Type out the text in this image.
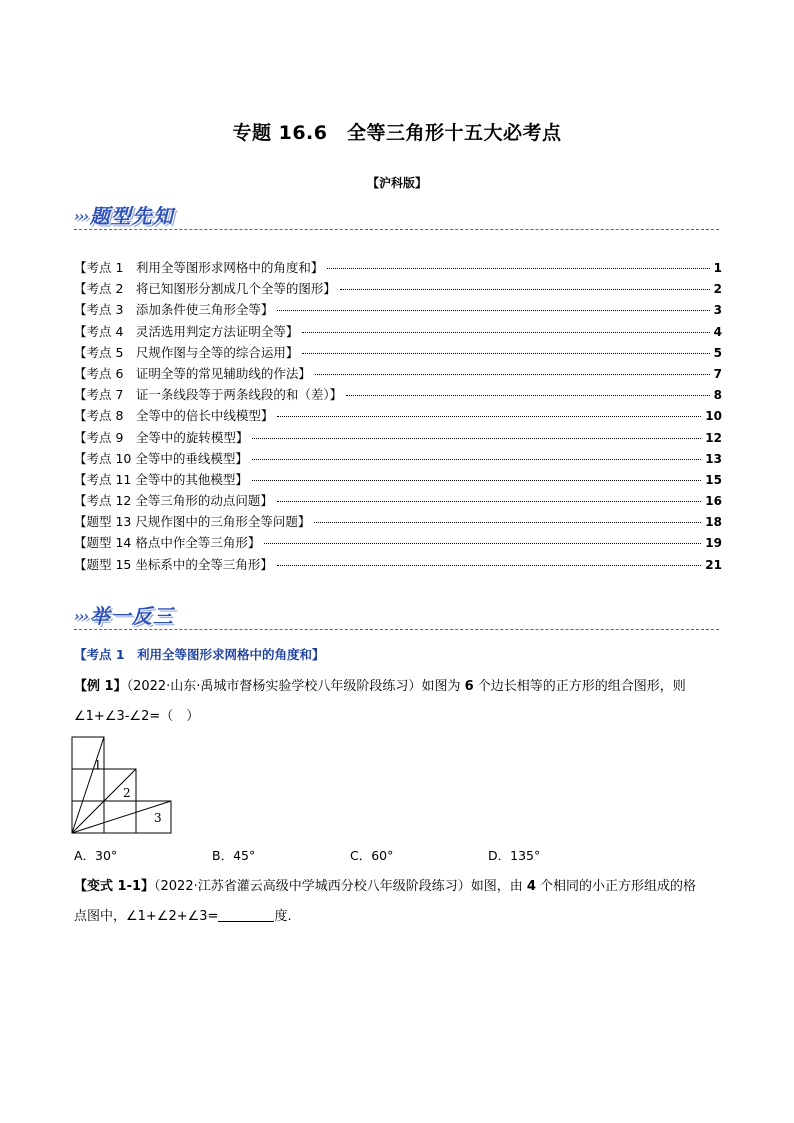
专题 16.6　全等三角形十五大必考点
【沪科版】
››› 题型先知
【考点 1　利用全等图形求网格中的角度和】	1
【考点 2　将已知图形分割成几个全等的图形】	2
【考点 3　添加条件使三角形全等】	3
【考点 4　灵活选用判定方法证明全等】	4
【考点 5　尺规作图与全等的综合运用】	5
【考点 6　证明全等的常见辅助线的作法】	7
【考点 7　证一条线段等于两条线段的和（差）】	8
【考点 8　全等中的倍长中线模型】	10
【考点 9　全等中的旋转模型】	12
【考点 10 全等中的垂线模型】	13
【考点 11 全等中的其他模型】	15
【考点 12 全等三角形的动点问题】	16
【题型 13 尺规作图中的三角形全等问题】	18
【题型 14 格点中作全等三角形】	19
【题型 15 坐标系中的全等三角形】	21
››› 举一反三
【考点 1　利用全等图形求网格中的角度和】
【例 1】（2022·山东·禹城市督杨实验学校八年级阶段练习）如图为 6 个边长相等的正方形的组合图形，则
∠1+∠3-∠2=（　）
1
2
3
A．30°	B．45°	C．60°	D．135°
【变式 1-1】（2022·江苏省灌云高级中学城西分校八年级阶段练习）如图，由 4 个相同的小正方形组成的格
点图中，∠1+∠2+∠3=	度.
